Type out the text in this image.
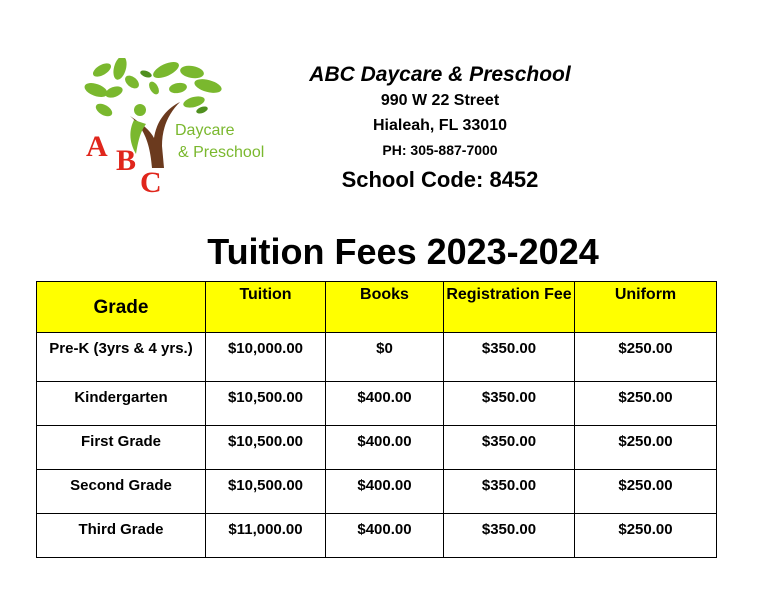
A B
C
Daycare
& Preschool
ABC Daycare & Preschool
990 W 22 Street
Hialeah, FL 33010
PH: 305-887-7000
School Code: 8452
Tuition Fees 2023-2024
Grade	Tuition	Books	Registration Fee	Uniform
Pre-K (3yrs & 4 yrs.)	$10,000.00	$0	$350.00	$250.00
Kindergarten	$10,500.00	$400.00	$350.00	$250.00
First Grade	$10,500.00	$400.00	$350.00	$250.00
Second Grade	$10,500.00	$400.00	$350.00	$250.00
Third Grade	$11,000.00	$400.00	$350.00	$250.00
